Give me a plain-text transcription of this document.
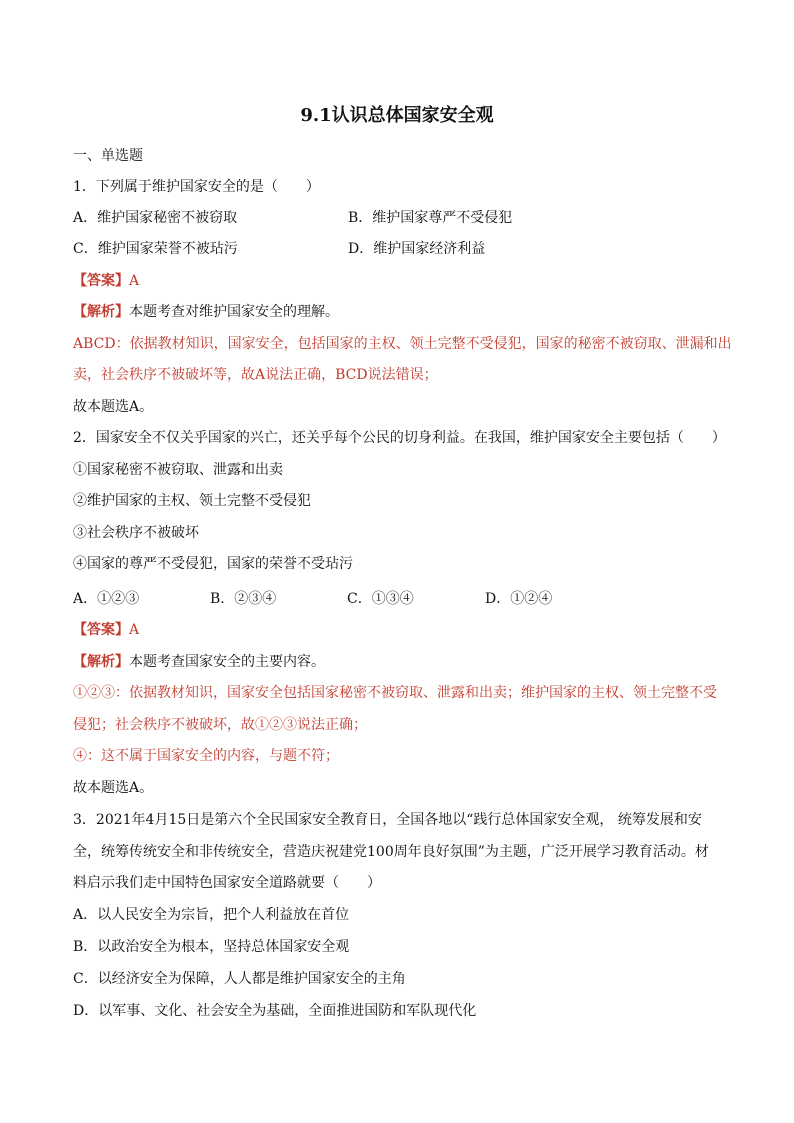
9.1认识总体国家安全观
一、单选题
1．下列属于维护国家安全的是（　　）
A．维护国家秘密不被窃取	B．维护国家尊严不受侵犯
C．维护国家荣誉不被玷污	D．维护国家经济利益
【答案】A
【解析】本题考查对维护国家安全的理解。
ABCD：依据教材知识，国家安全，包括国家的主权、领土完整不受侵犯，国家的秘密不被窃取、泄漏和出
卖，社会秩序不被破坏等，故A说法正确，BCD说法错误；
故本题选A。
2．国家安全不仅关乎国家的兴亡，还关乎每个公民的切身利益。在我国，维护国家安全主要包括（　　）
①国家秘密不被窃取、泄露和出卖
②维护国家的主权、领土完整不受侵犯
③社会秩序不被破坏
④国家的尊严不受侵犯，国家的荣誉不受玷污
A．①②③	B．②③④	C．①③④	D．①②④
【答案】A
【解析】本题考查国家安全的主要内容。
①②③：依据教材知识，国家安全包括国家秘密不被窃取、泄露和出卖；维护国家的主权、领土完整不受
侵犯；社会秩序不被破坏，故①②③说法正确；
④：这不属于国家安全的内容，与题不符；
故本题选A。
3．2021年4月15日是第六个全民国家安全教育日，全国各地以“践行总体国家安全观， 统筹发展和安
全，统筹传统安全和非传统安全，营造庆祝建党100周年良好氛围”为主题，广泛开展学习教育活动。材
料启示我们走中国特色国家安全道路就要（　　）
A．以人民安全为宗旨，把个人利益放在首位
B．以政治安全为根本，坚持总体国家安全观
C．以经济安全为保障，人人都是维护国家安全的主角
D．以军事、文化、社会安全为基础，全面推进国防和军队现代化
